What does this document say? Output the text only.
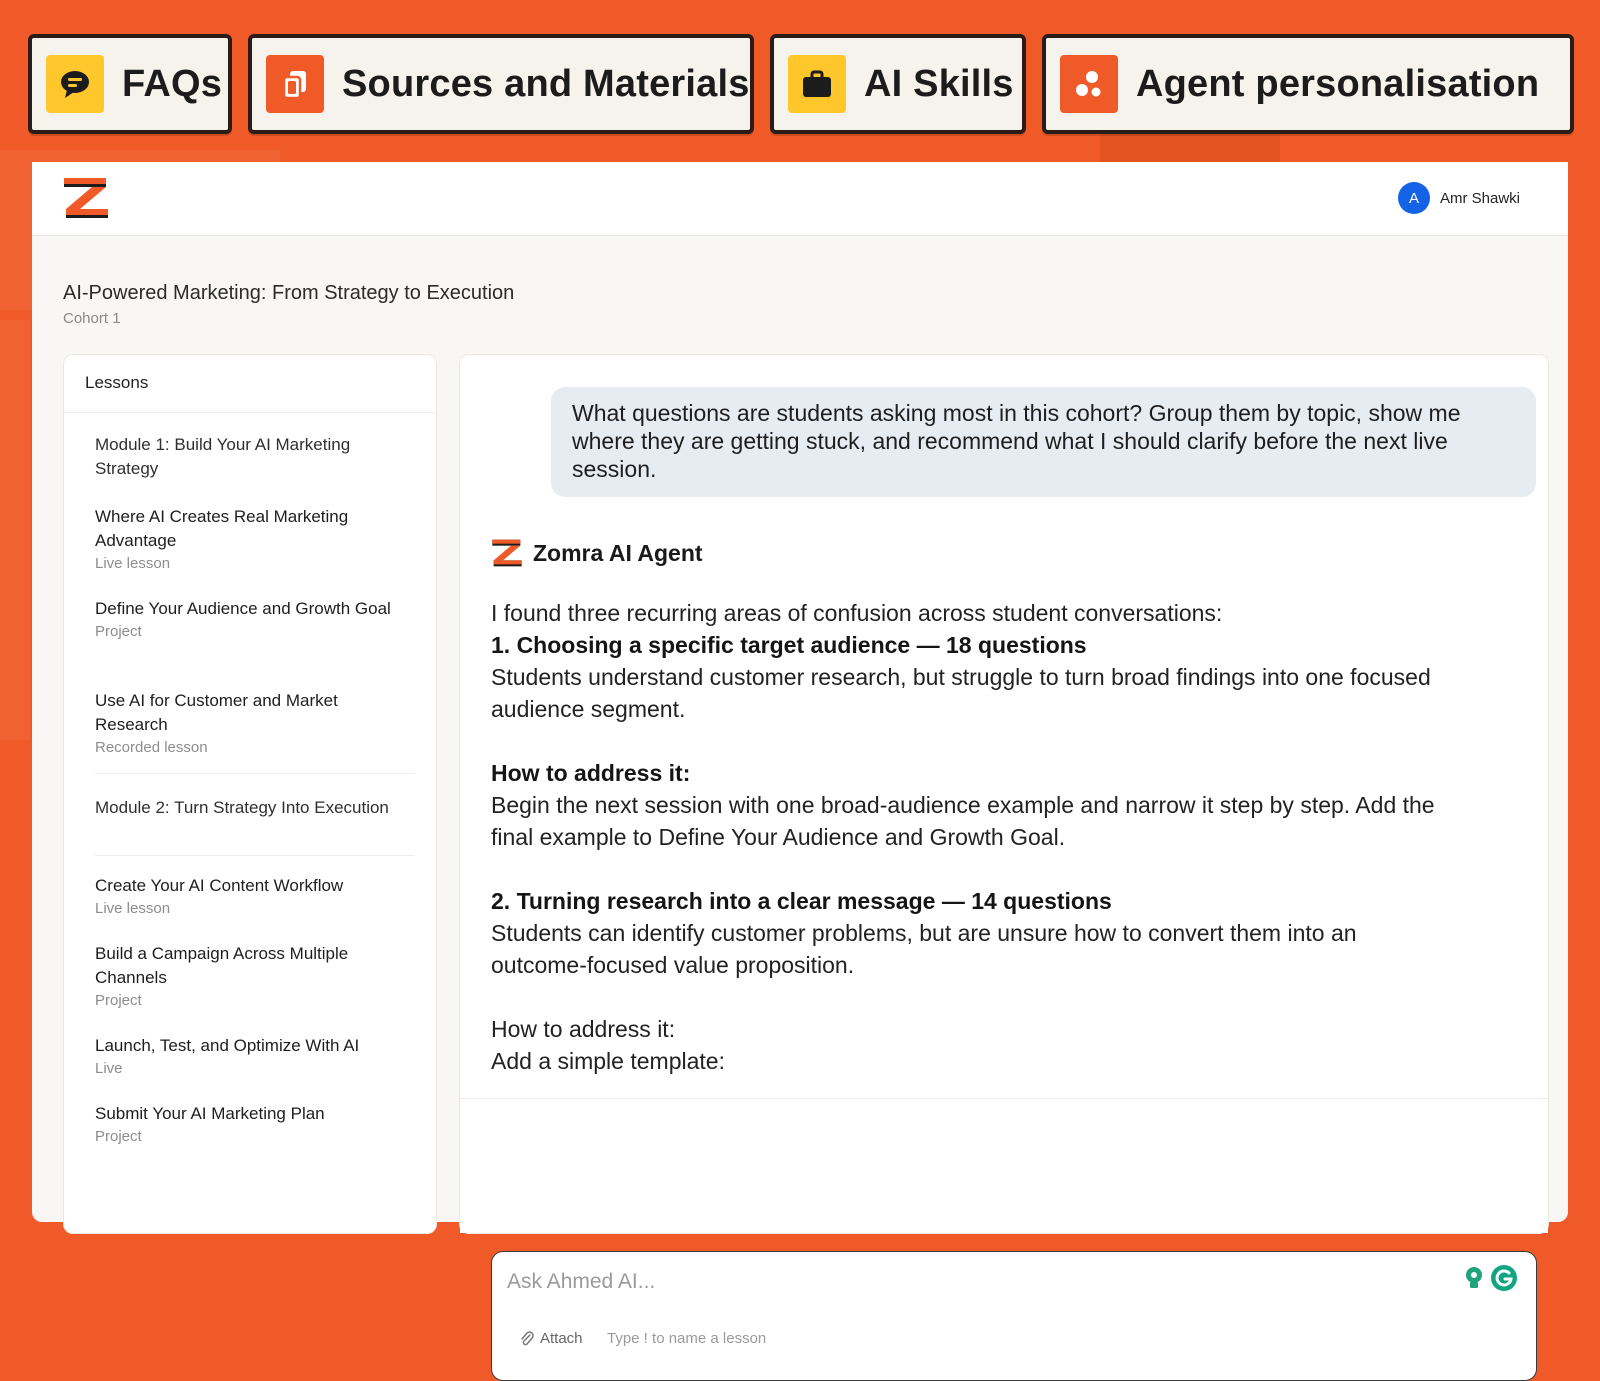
FAQs	Sources and Materials	AI Skills	Agent personalisation
A	Amr Shawki
AI-Powered Marketing: From Strategy to Execution
Cohort 1
Lessons
Module 1: Build Your AI Marketing Strategy
Where AI Creates Real Marketing Advantage
Live lesson
Define Your Audience and Growth Goal
Project
Use AI for Customer and Market Research
Recorded lesson
Module 2: Turn Strategy Into Execution
Create Your AI Content Workflow
Live lesson
Build a Campaign Across Multiple Channels
Project
Launch, Test, and Optimize With AI
Live
Submit Your AI Marketing Plan
Project
What questions are students asking most in this cohort? Group them by topic, show me where they are getting stuck, and recommend what I should clarify before the next live session.
Zomra AI Agent

I found three recurring areas of confusion across student conversations:

1. Choosing a specific target audience — 18 questions

Students understand customer research, but struggle to turn broad findings into one focused audience segment.

How to address it:

Begin the next session with one broad-audience example and narrow it step by step. Add the final example to Define Your Audience and Growth Goal.

2. Turning research into a clear message — 14 questions

Students can identify customer problems, but are unsure how to convert them into an outcome-focused value proposition.

How to address it:

Add a simple template:

Ask Ahmed AI...
Attach Type ! to name a lesson
